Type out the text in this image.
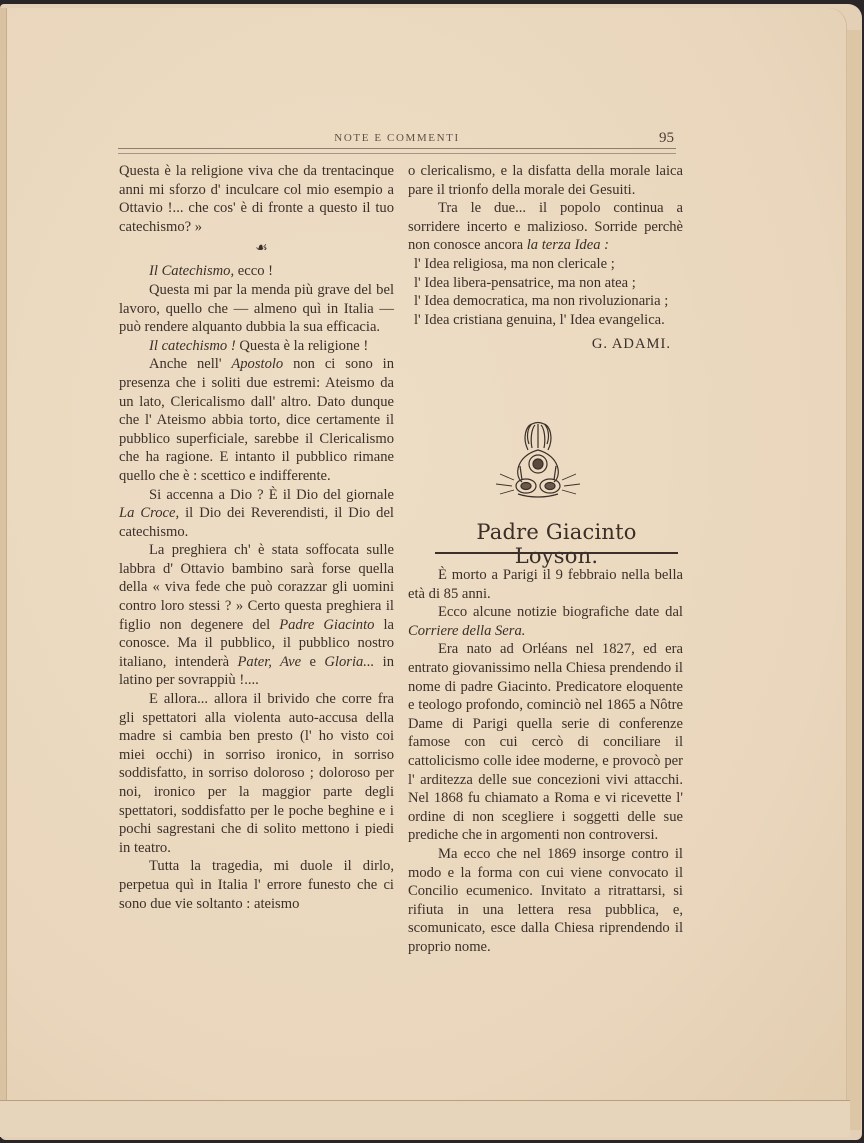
NOTE E COMMENTI	95

Questa è la religione viva che da trentacinque anni mi sforzo d' inculcare col mio esempio a Ottavio !... che cos' è di fronte a questo il tuo catechismo? »

☙

Il Catechismo, ecco !

Questa mi par la menda più grave del bel lavoro, quello che — almeno quì in Italia — può rendere alquanto dubbia la sua efficacia.

Il catechismo ! Questa è la religione !

Anche nell' Apostolo non ci sono in presenza che i soliti due estremi: Ateismo da un lato, Clericalismo dall' altro. Dato dunque che l' Ateismo abbia torto, dice certamente il pubblico superficiale, sarebbe il Clericalismo che ha ragione. E intanto il pubblico rimane quello che è : scettico e indifferente.

Si accenna a Dio ? È il Dio del giornale La Croce, il Dio dei Reverendisti, il Dio del catechismo.

La preghiera ch' è stata soffocata sulle labbra d' Ottavio bambino sarà forse quella della « viva fede che può corazzar gli uomini contro loro stessi ? » Certo questa preghiera il figlio non degenere del Padre Giacinto la conosce. Ma il pubblico, il pubblico nostro italiano, intenderà Pater, Ave e Gloria... in latino per sovrappiù !....

E allora... allora il brivido che corre fra gli spettatori alla violenta auto-accusa della madre si cambia ben presto (l' ho visto coi miei occhi) in sorriso ironico, in sorriso soddisfatto, in sorriso doloroso ; doloroso per noi, ironico per la maggior parte degli spettatori, soddisfatto per le poche beghine e i pochi sagrestani che di solito mettono i piedi in teatro.

Tutta la tragedia, mi duole il dirlo, perpetua quì in Italia l' errore funesto che ci sono due vie soltanto : ateismo

o clericalismo, e la disfatta della morale laica pare il trionfo della morale dei Gesuiti.

Tra le due... il popolo continua a sorridere incerto e malizioso. Sorride perchè non conosce ancora la terza Idea :

l' Idea religiosa, ma non clericale ;

l' Idea libera-pensatrice, ma non atea ;

l' Idea democratica, ma non rivoluzionaria ;

l' Idea cristiana genuina, l' Idea evangelica.

G. ADAMI.

Padre Giacinto Loyson.

È morto a Parigi il 9 febbraio nella bella età di 85 anni.

Ecco alcune notizie biografiche date dal Corriere della Sera.

Era nato ad Orléans nel 1827, ed era entrato giovanissimo nella Chiesa prendendo il nome di padre Giacinto. Predicatore eloquente e teologo profondo, cominciò nel 1865 a Nôtre Dame di Parigi quella serie di conferenze famose con cui cercò di conciliare il cattolicismo colle idee moderne, e provocò per l' arditezza delle sue concezioni vivi attacchi. Nel 1868 fu chiamato a Roma e vi ricevette l' ordine di non scegliere i soggetti delle sue prediche che in argomenti non controversi.

Ma ecco che nel 1869 insorge contro il modo e la forma con cui viene convocato il Concilio ecumenico. Invitato a ritrattarsi, si rifiuta in una lettera resa pubblica, e, scomunicato, esce dalla Chiesa riprendendo il proprio nome.
